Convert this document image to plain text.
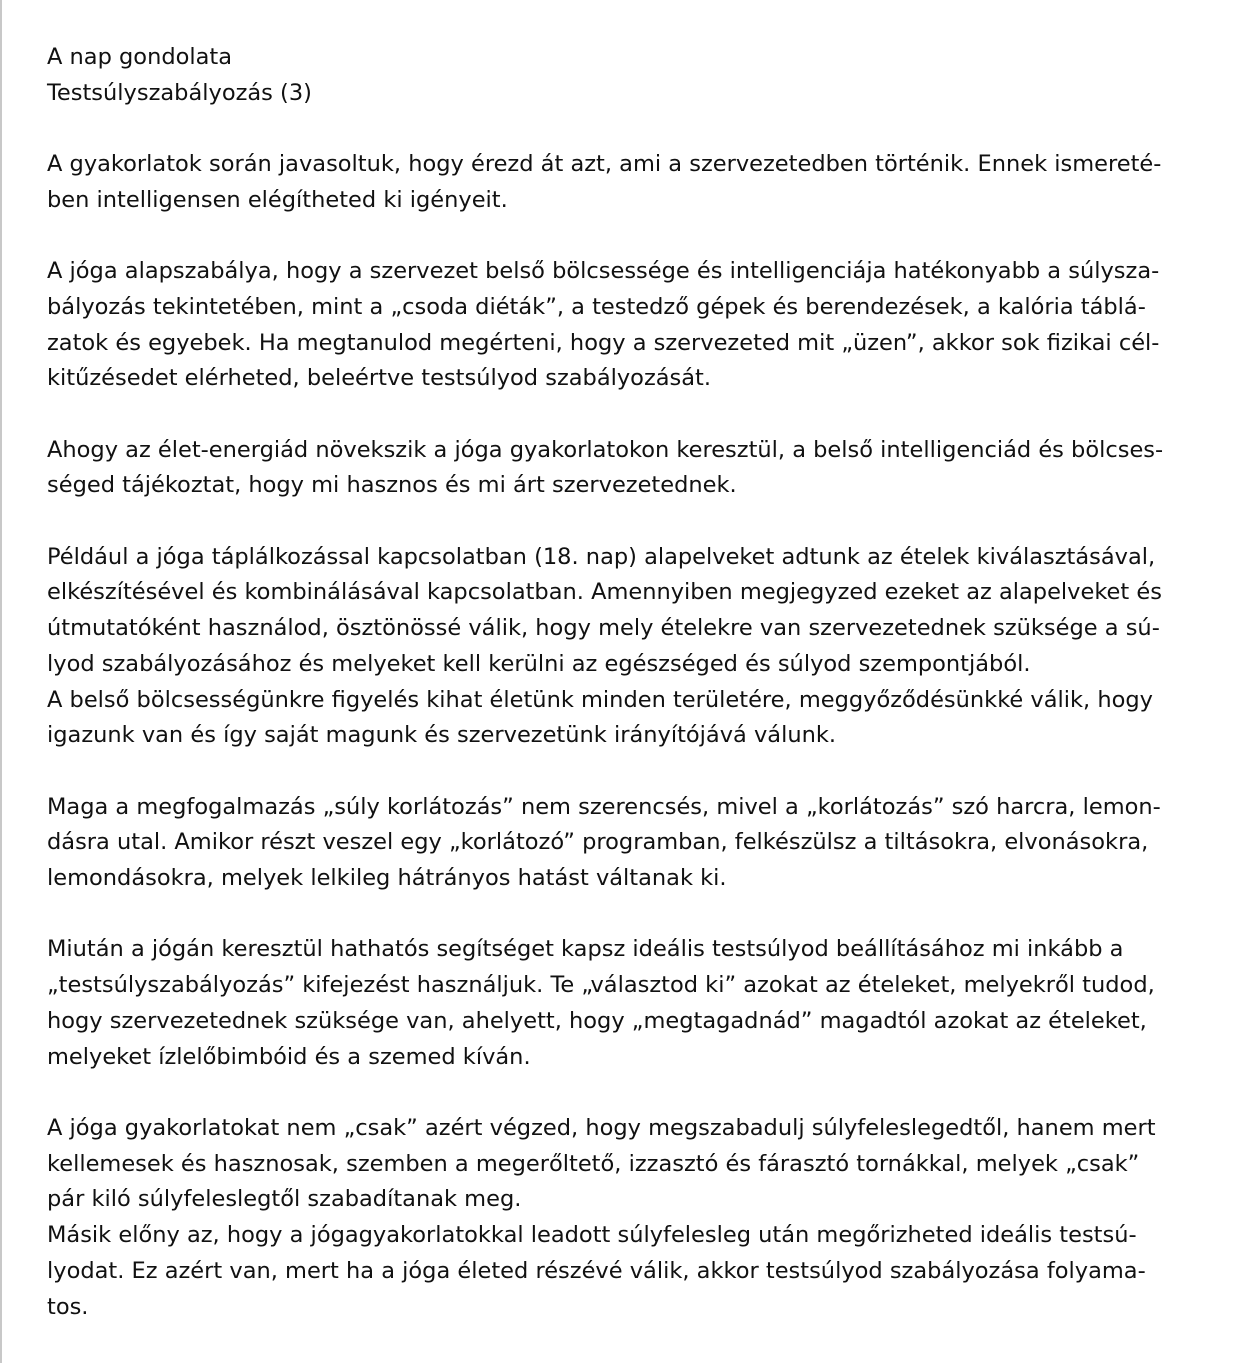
A nap gondolata
Testsúlyszabályozás (3)
A gyakorlatok során javasoltuk, hogy érezd át azt, ami a szervezetedben történik. Ennek ismereté-
ben intelligensen elégítheted ki igényeit.
A jóga alapszabálya, hogy a szervezet belső bölcsessége és intelligenciája hatékonyabb a súlysza-
bályozás tekintetében, mint a „csoda diéták”, a testedző gépek és berendezések, a kalória táblá-
zatok és egyebek. Ha megtanulod megérteni, hogy a szervezeted mit „üzen”, akkor sok fizikai cél-
kitűzésedet elérheted, beleértve testsúlyod szabályozását.
Ahogy az élet-energiád növekszik a jóga gyakorlatokon keresztül, a belső intelligenciád és bölcses-
séged tájékoztat, hogy mi hasznos és mi árt szervezetednek.
Például a jóga táplálkozással kapcsolatban (18. nap) alapelveket adtunk az ételek kiválasztásával,
elkészítésével és kombinálásával kapcsolatban. Amennyiben megjegyzed ezeket az alapelveket és
útmutatóként használod, ösztönössé válik, hogy mely ételekre van szervezetednek szüksége a sú-
lyod szabályozásához és melyeket kell kerülni az egészséged és súlyod szempontjából.
A belső bölcsességünkre figyelés kihat életünk minden területére, meggyőződésünkké válik, hogy
igazunk van és így saját magunk és szervezetünk irányítójává válunk.
Maga a megfogalmazás „súly korlátozás” nem szerencsés, mivel a „korlátozás” szó harcra, lemon-
dásra utal. Amikor részt veszel egy „korlátozó” programban, felkészülsz a tiltásokra, elvonásokra,
lemondásokra, melyek lelkileg hátrányos hatást váltanak ki.
Miután a jógán keresztül hathatós segítséget kapsz ideális testsúlyod beállításához mi inkább a
„testsúlyszabályozás” kifejezést használjuk. Te „választod ki” azokat az ételeket, melyekről tudod,
hogy szervezetednek szüksége van, ahelyett, hogy „megtagadnád” magadtól azokat az ételeket,
melyeket ízlelőbimbóid és a szemed kíván.
A jóga gyakorlatokat nem „csak” azért végzed, hogy megszabadulj súlyfeleslegedtől, hanem mert
kellemesek és hasznosak, szemben a megerőltető, izzasztó és fárasztó tornákkal, melyek „csak”
pár kiló súlyfeleslegtől szabadítanak meg.
Másik előny az, hogy a jógagyakorlatokkal leadott súlyfelesleg után megőrizheted ideális testsú-
lyodat. Ez azért van, mert ha a jóga életed részévé válik, akkor testsúlyod szabályozása folyama-
tos.
